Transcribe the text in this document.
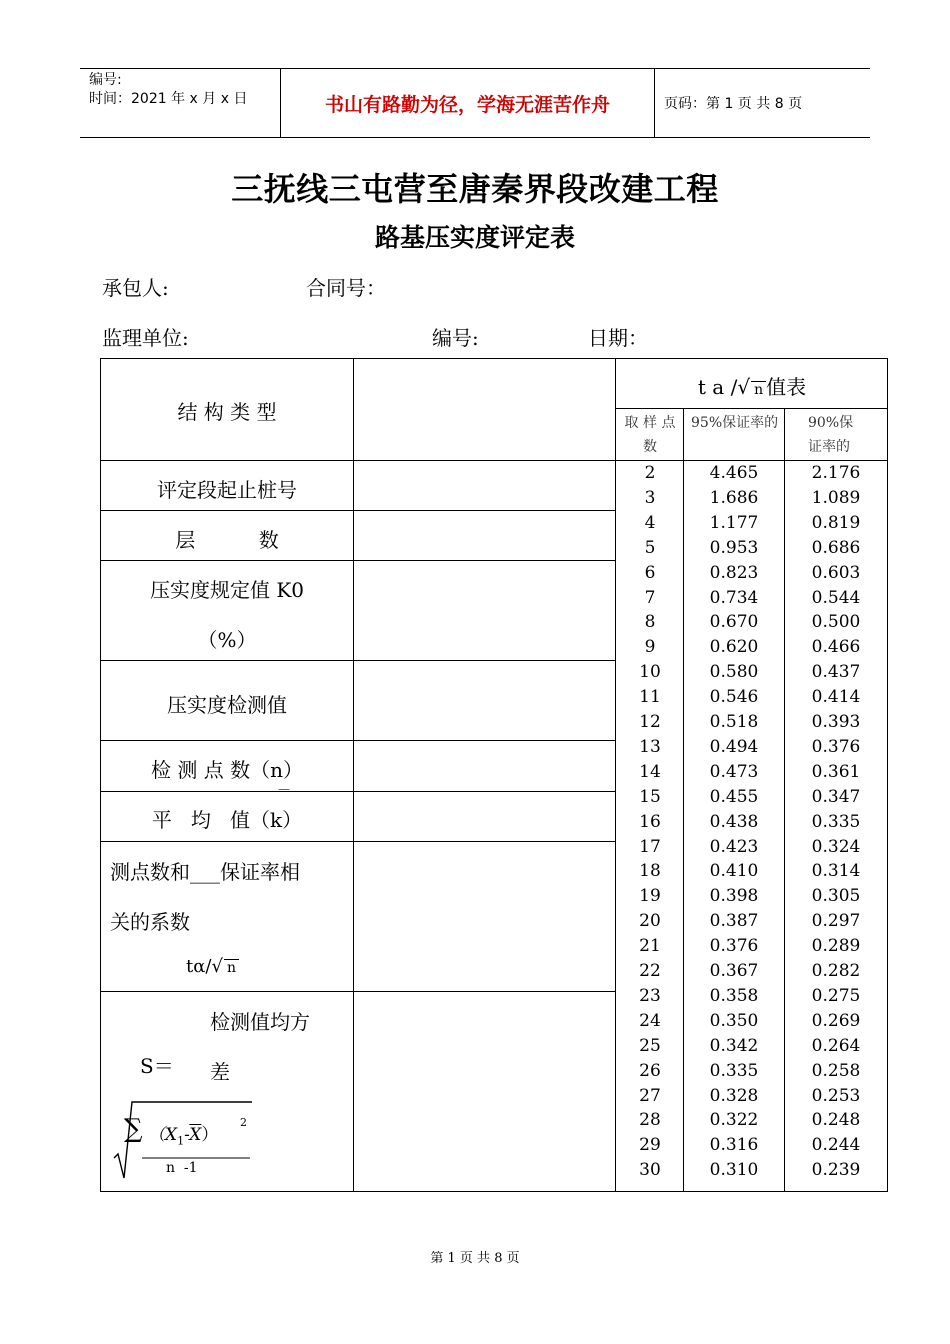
编号:
时间：2021 年 x 月 x 日	书山有路勤为径，学海无涯苦作舟	页码：第 1 页 共 8 页
三抚线三屯营至唐秦界段改建工程
路基压实度评定表
承包人:	合同号：
监理单位:	编号:	日期：
结 构 类 型
评定段起止桩号
层          数
压实度规定值 K0
（%）
压实度检测值
检 测 点 数（n）
—
平   均   值（k）
测点数和___保证率相
关的系数
tα/√ n
检测值均方
差
S＝
∑ $(X_1-\overline{X})$
2
n  -1
t a /√ n 值表
取 样 点 数
95%保证率的 90%保证率的
2	4.465	2.176
3	1.686	1.089
4	1.177	0.819
5	0.953	0.686
6	0.823	0.603
7	0.734	0.544
8	0.670	0.500
9	0.620	0.466
10	0.580	0.437
11	0.546	0.414
12	0.518	0.393
13	0.494	0.376
14	0.473	0.361
15	0.455	0.347
16	0.438	0.335
17	0.423	0.324
18	0.410	0.314
19	0.398	0.305
20	0.387	0.297
21	0.376	0.289
22	0.367	0.282
23	0.358	0.275
24	0.350	0.269
25	0.342	0.264
26	0.335	0.258
27	0.328	0.253
28	0.322	0.248
29	0.316	0.244
30	0.310	0.239
第 1 页 共 8 页
